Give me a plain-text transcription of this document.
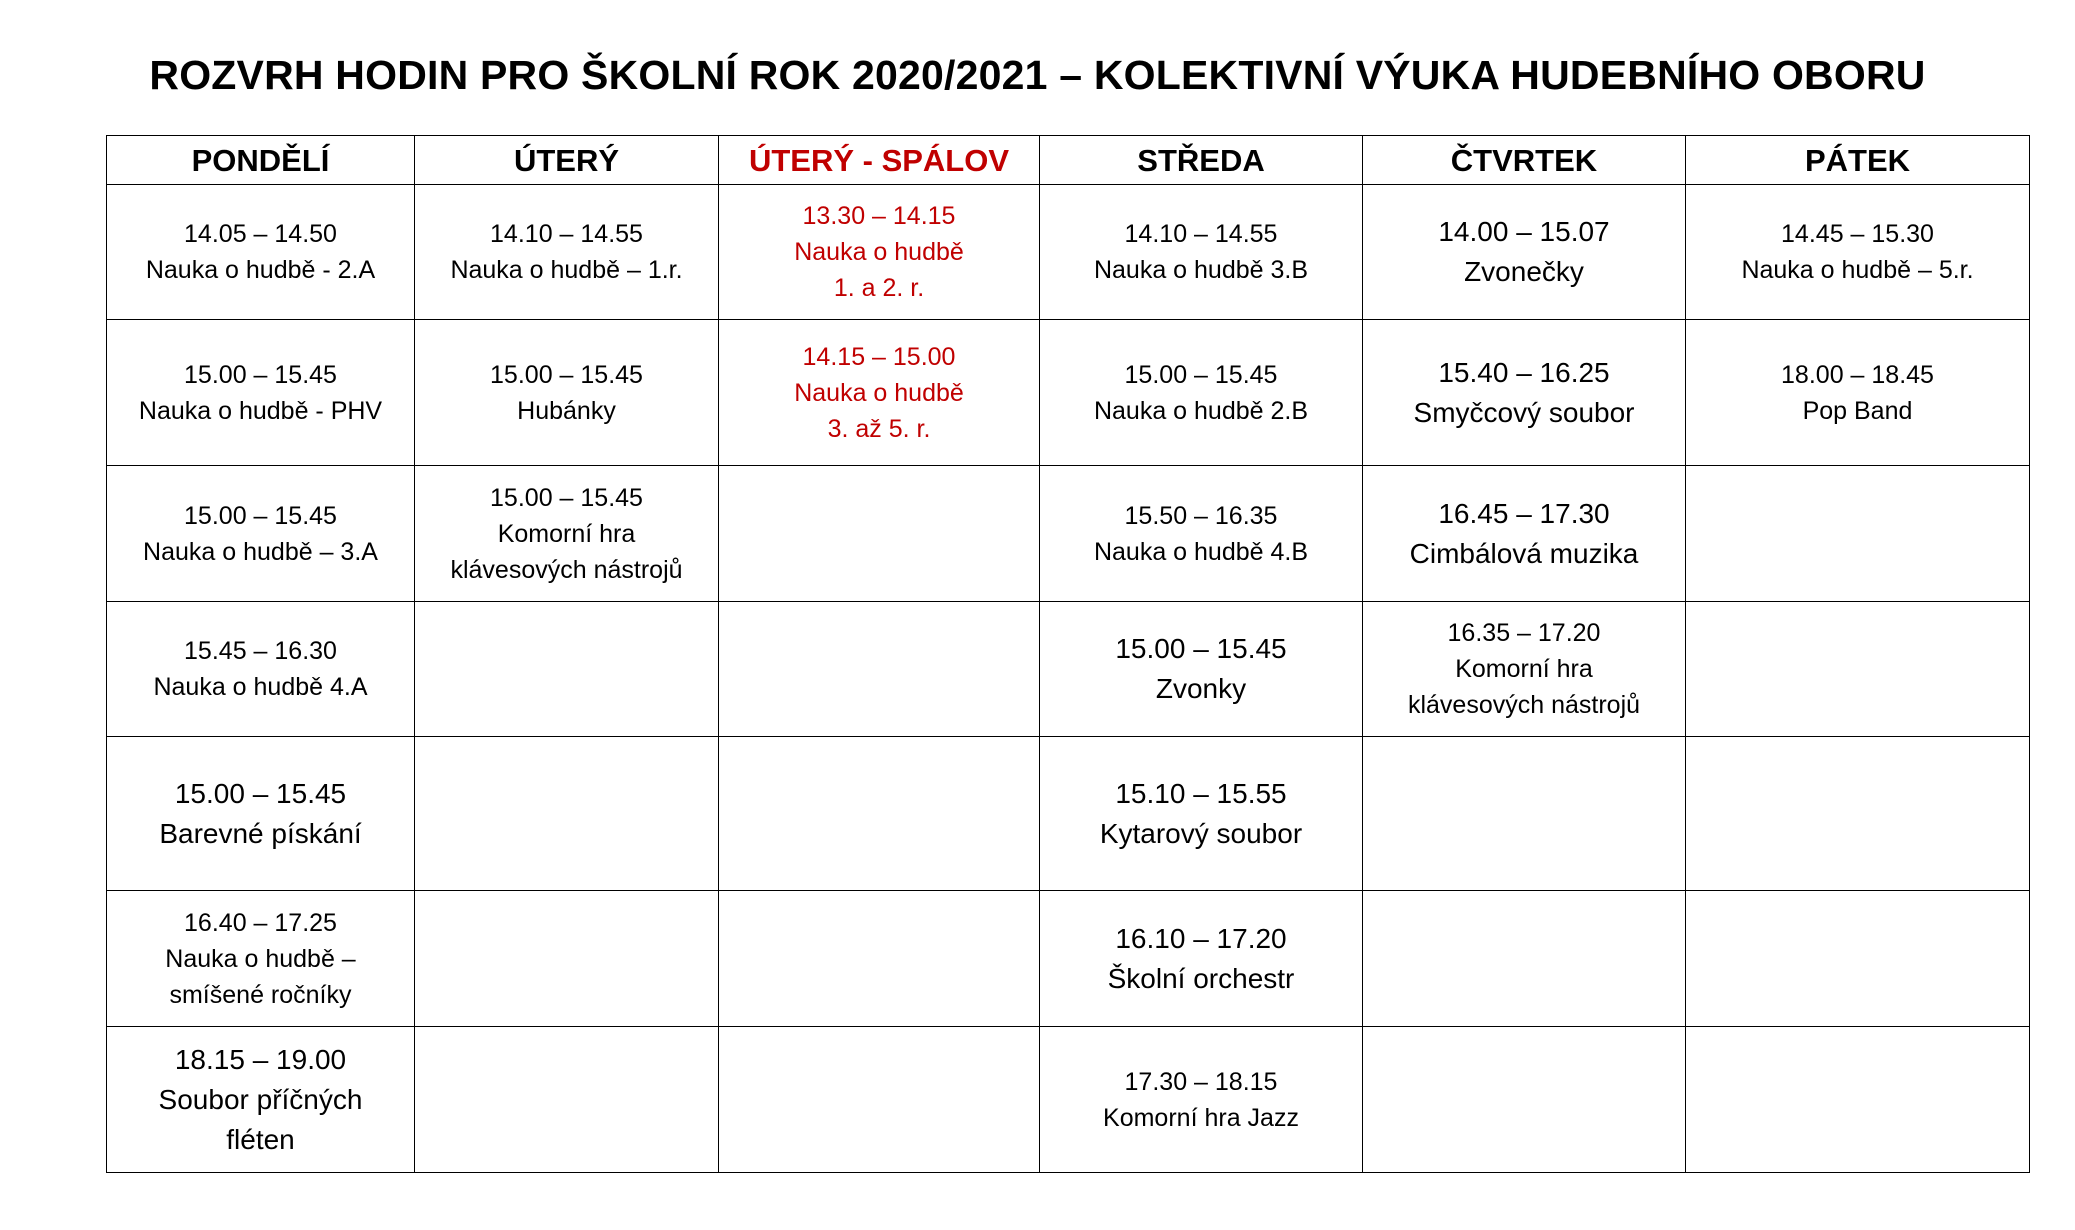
ROZVRH HODIN PRO ŠKOLNÍ ROK 2020/2021 – KOLEKTIVNÍ VÝUKA HUDEBNÍHO OBORU
PONDĚLÍ	ÚTERÝ	ÚTERÝ - SPÁLOV	STŘEDA	ČTVRTEK	PÁTEK

14.05 – 14.50
Nauka o hudbě - 2.A	14.10 – 14.55
Nauka o hudbě – 1.r.	13.30 – 14.15
Nauka o hudbě
1. a 2. r.	14.10 – 14.55
Nauka o hudbě 3.B	14.00 – 15.07
Zvonečky	14.45 – 15.30
Nauka o hudbě – 5.r.

15.00 – 15.45
Nauka o hudbě - PHV	15.00 – 15.45
Hubánky	14.15 – 15.00
Nauka o hudbě
3. až 5. r.	15.00 – 15.45
Nauka o hudbě 2.B	15.40 – 16.25
Smyčcový soubor	18.00 – 18.45
Pop Band

15.00 – 15.45
Nauka o hudbě – 3.A	15.00 – 15.45
Komorní hra
klávesových nástrojů		15.50 – 16.35
Nauka o hudbě 4.B	16.45 – 17.30
Cimbálová muzika	

15.45 – 16.30
Nauka o hudbě 4.A			15.00 – 15.45
Zvonky	16.35 – 17.20
Komorní hra
klávesových nástrojů	

15.00 – 15.45
Barevné pískání			15.10 – 15.55
Kytarový soubor		

16.40 – 17.25
Nauka o hudbě –
smíšené ročníky			16.10 – 17.20
Školní orchestr		

18.15 – 19.00
Soubor příčných
fléten			17.30 – 18.15
Komorní hra Jazz		
